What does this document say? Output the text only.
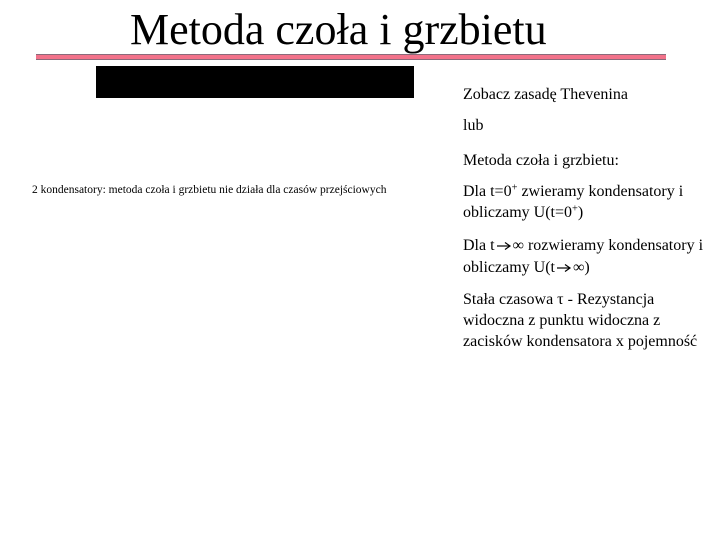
Metoda czoła i grzbietu
2 kondensatory: metoda czoła i grzbietu nie działa dla czasów przejściowych
Zobacz zasadę Thevenina
lub
Metoda czoła i grzbietu:
Dla t=0+ zwieramy kondensatory i obliczamy U(t=0+)
Dla t ∞ rozwieramy kondensatory i obliczamy U(t ∞)
Stała czasowa τ - Rezystancja widoczna z punktu widoczna z zacisków kondensatora x pojemność
